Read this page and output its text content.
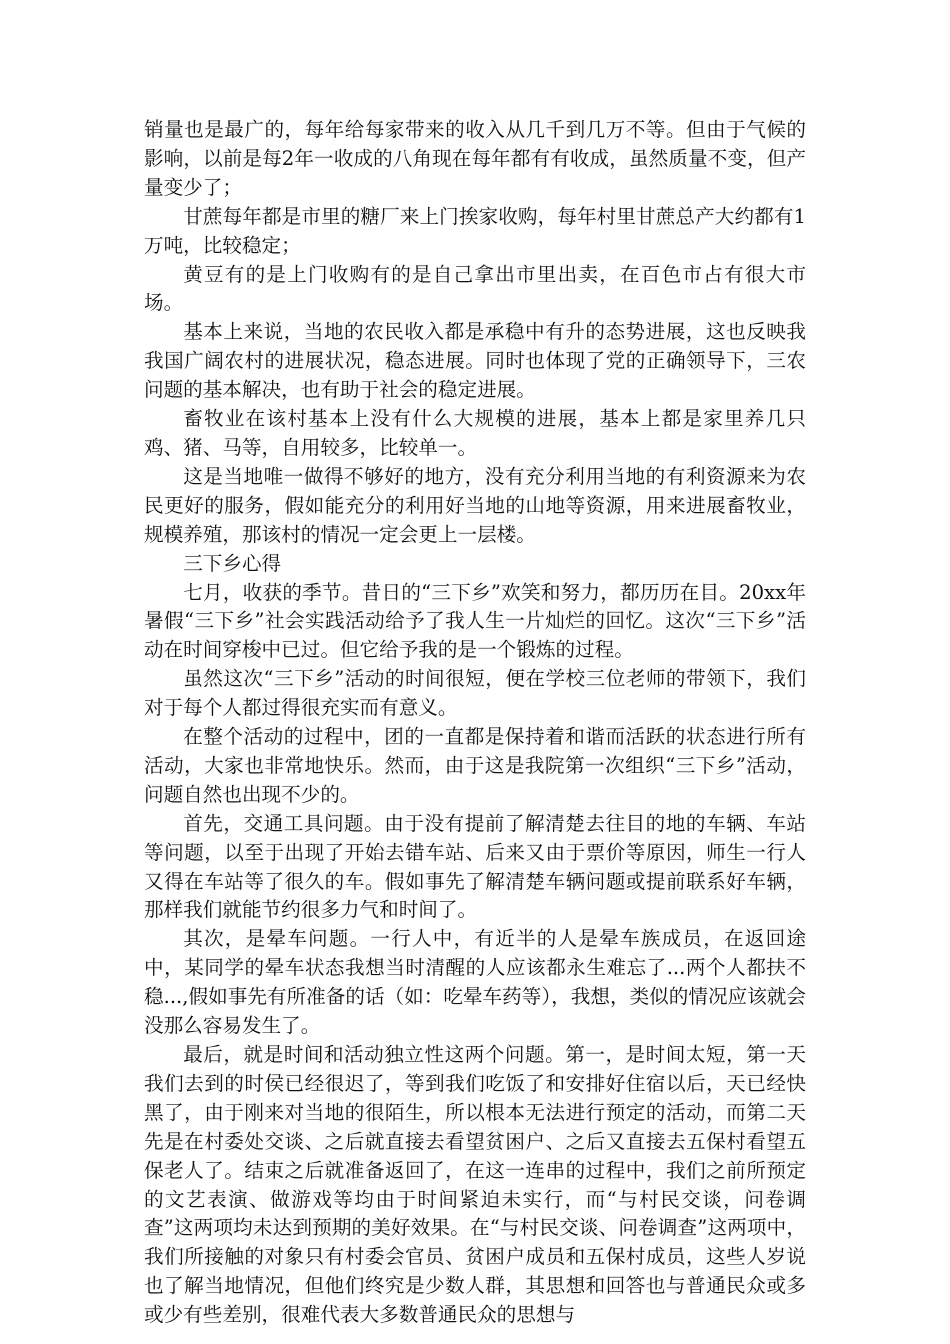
销量也是最广的，每年给每家带来的收入从几千到几万不等。但由于气候的影响，以前是每2年一收成的八角现在每年都有有收成，虽然质量不变，但产量变少了；

甘蔗每年都是市里的糖厂来上门挨家收购，每年村里甘蔗总产大约都有1万吨，比较稳定；

黄豆有的是上门收购有的是自己拿出市里出卖，在百色市占有很大市场。

基本上来说，当地的农民收入都是承稳中有升的态势进展，这也反映我我国广阔农村的进展状况，稳态进展。同时也体现了党的正确领导下，三农问题的基本解决，也有助于社会的稳定进展。

畜牧业在该村基本上没有什么大规模的进展，基本上都是家里养几只鸡、猪、马等，自用较多，比较单一。

这是当地唯一做得不够好的地方，没有充分利用当地的有利资源来为农民更好的服务，假如能充分的利用好当地的山地等资源，用来进展畜牧业，规模养殖，那该村的情况一定会更上一层楼。

三下乡心得

七月，收获的季节。昔日的“三下乡”欢笑和努力，都历历在目。20xx年暑假“三下乡”社会实践活动给予了我人生一片灿烂的回忆。这次“三下乡”活动在时间穿梭中已过。但它给予我的是一个锻炼的过程。

虽然这次“三下乡”活动的时间很短，便在学校三位老师的带领下，我们对于每个人都过得很充实而有意义。

在整个活动的过程中，团的一直都是保持着和谐而活跃的状态进行所有活动，大家也非常地快乐。然而，由于这是我院第一次组织“三下乡”活动，问题自然也出现不少的。

首先，交通工具问题。由于没有提前了解清楚去往目的地的车辆、车站等问题，以至于出现了开始去错车站、后来又由于票价等原因，师生一行人又得在车站等了很久的车。假如事先了解清楚车辆问题或提前联系好车辆，那样我们就能节约很多力气和时间了。

其次，是晕车问题。一行人中，有近半的人是晕车族成员，在返回途中，某同学的晕车状态我想当时清醒的人应该都永生难忘了...两个人都扶不稳...,假如事先有所准备的话（如：吃晕车药等），我想，类似的情况应该就会没那么容易发生了。

最后，就是时间和活动独立性这两个问题。第一，是时间太短，第一天我们去到的时侯已经很迟了，等到我们吃饭了和安排好住宿以后，天已经快黑了，由于刚来对当地的很陌生，所以根本无法进行预定的活动，而第二天先是在村委处交谈、之后就直接去看望贫困户、之后又直接去五保村看望五保老人了。结束之后就准备返回了，在这一连串的过程中，我们之前所预定的文艺表演、做游戏等均由于时间紧迫未实行，而“与村民交谈，问卷调查”这两项均未达到预期的美好效果。在“与村民交谈、问卷调查”这两项中，我们所接触的对象只有村委会官员、贫困户成员和五保村成员，这些人岁说也了解当地情况，但他们终究是少数人群，其思想和回答也与普通民众或多或少有些差别，很难代表大多数普通民众的思想与
